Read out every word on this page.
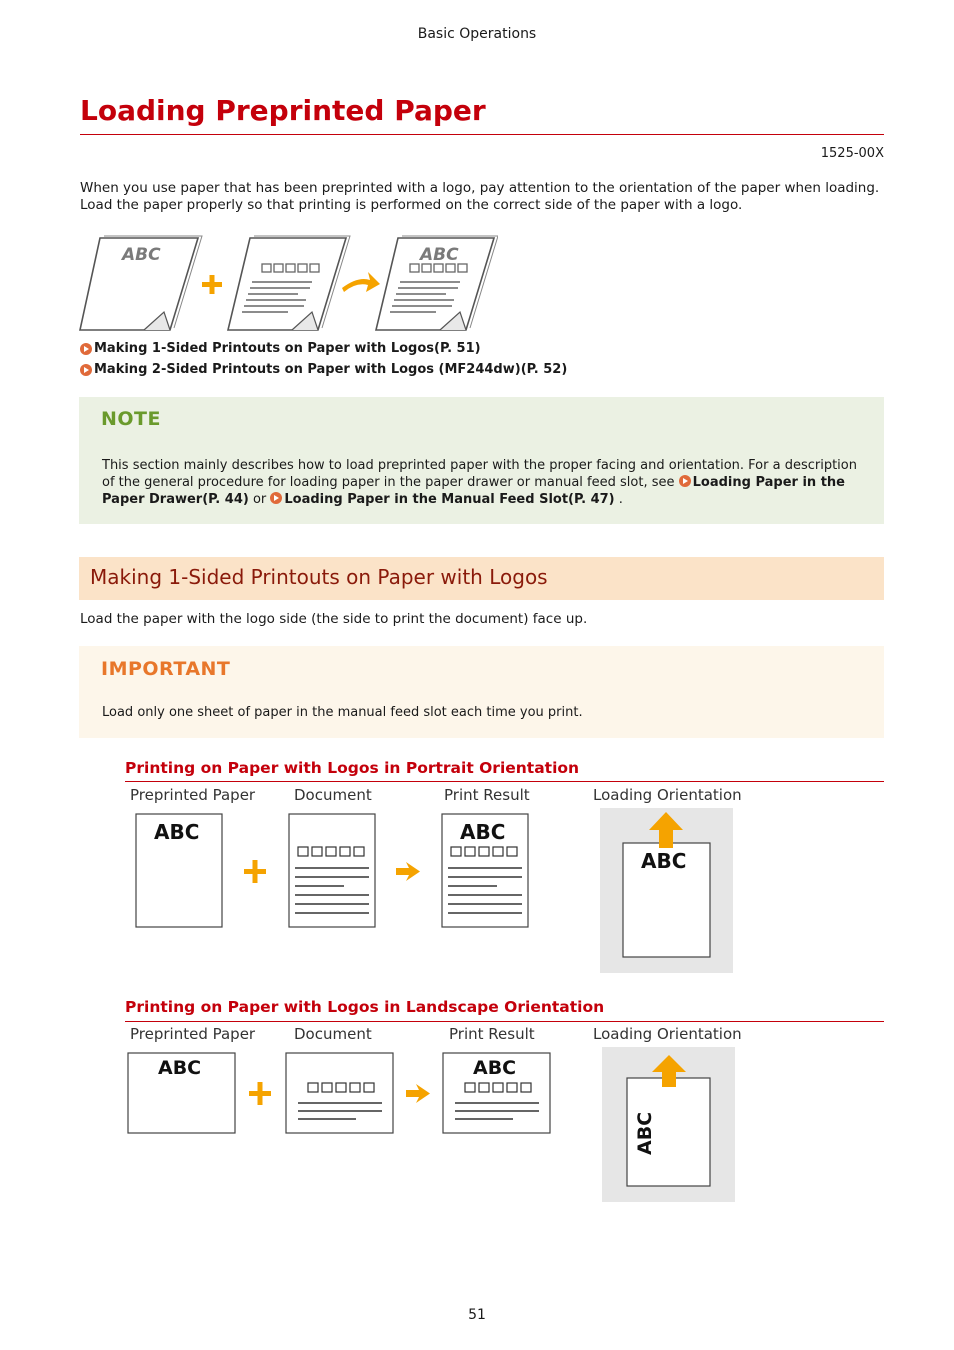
Basic Operations
Loading Preprinted Paper
1525-00X
When you use paper that has been preprinted with a logo, pay attention to the orientation of the paper when loading. Load the paper properly so that printing is performed on the correct side of the paper with a logo.
ABC	ABC
Making 1-Sided Printouts on Paper with Logos(P. 51)
Making 2-Sided Printouts on Paper with Logos (MF244dw)(P. 52)
NOTE
This section mainly describes how to load preprinted paper with the proper facing and orientation. For a description of the general procedure for loading paper in the paper drawer or manual feed slot, see Loading Paper in the Paper Drawer(P. 44) or Loading Paper in the Manual Feed Slot(P. 47) .
Making 1-Sided Printouts on Paper with Logos
Load the paper with the logo side (the side to print the document) face up.
IMPORTANT
Load only one sheet of paper in the manual feed slot each time you print.
Printing on Paper with Logos in Portrait Orientation
Preprinted Paper	Document	Print Result	Loading Orientation
ABC	ABC
ABC
Printing on Paper with Logos in Landscape Orientation
Preprinted Paper	Document	Print Result	Loading Orientation
ABC	ABC
ABC
51
